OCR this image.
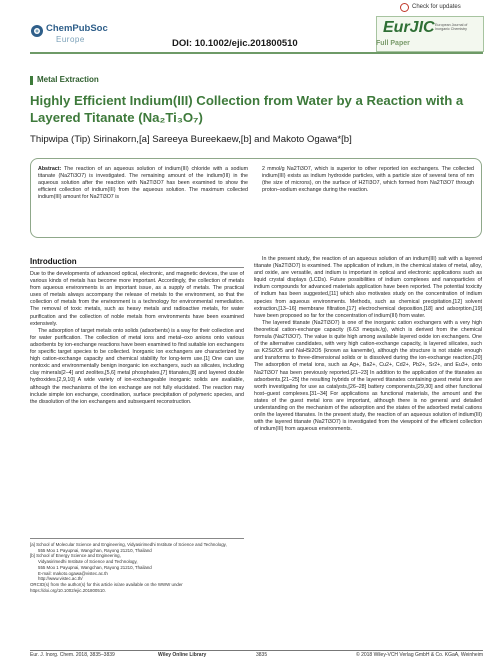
Check for updates
ChemPubSoc
Europe	DOI: 10.1002/ejic.201800510
EurJIC European Journal of Inorganic Chemistry
Full Paper
Metal Extraction
Highly Efficient Indium(III) Collection from Water by a Reaction with a Layered Titanate (Na₂Ti₃O₇)
Thipwipa (Tip) Sirinakorn,[a] Sareeya Bureekaew,[b] and Makoto Ogawa*[b]
Abstract: The reaction of an aqueous solution of indium(III) chloride with a sodium titanate (Na2Ti3O7) is investigated. The remaining amount of the indium(III) in the aqueous solution after the reaction with Na2Ti3O7 has been examined to show the efficient collection of indium(III) from the aqueous solution. The maximum collected indium(III) amount for Na2Ti3O7 is
2 mmol/g Na2Ti3O7, which is superior to other reported ion exchangers. The collected indium(III) exists as indium hydroxide particles, with a particle size of several tens of nm (the size of microns), on the surface of H2Ti3O7, which formed from Na2Ti3O7 through proton–sodium exchange during the reaction.
Introduction
Due to the developments of advanced optical, electronic, and magnetic devices, the use of various kinds of metals has become more important. Accordingly, the collection of metals from aqueous environments is an important issue, as a supply of metals. The practical uses of metals always accompany the release of metals to the environment, so that the collection of metals from the environment is a technology for environmental remediation. The removal of toxic metals, such as heavy metals and radioactive metals, for water purification and the collection of noble metals from environments have been examined extensively.
The adsorption of target metals onto solids (adsorbents) is a way for their collection and for water purification. The collection of metal ions and metal–oxo anions onto various adsorbents by ion-exchange reactions have been examined to find suitable ion exchangers for specific target species to be collected. Inorganic ion exchangers are characterized by high cation-exchange capacity and chemical stability for long-term use.[1] One can use nontoxic and environmentally benign inorganic ion exchangers, such as silicates, including clay minerals[2–4] and zeolites,[5,6] metal phosphates,[7] titanates,[8] and layered double hydroxides.[2,9,10] A wide variety of ion-exchangeable inorganic solids are available, although the mechanisms of the ion exchange are not fully elucidated. The reaction may include simple ion exchange, coordination, surface precipitation of polymeric species, and the dissolution of the ion exchangers and subsequent reconstruction.
[a] School of Molecular Science and Engineering, Vidyasirimedhi Institute of Science and Technology,
555 Moo 1 Payupnai, Wangchan, Rayong 21210, Thailand
[b] School of Energy Science and Engineering,
Vidyasirimedhi Institute of Science and Technology,
555 Moo 1 Payupnai, Wangchan, Rayong 21210, Thailand
E-mail: makoto.ogawa@vistec.ac.th
http://www.vistec.ac.th/
ORCID(s) from the author(s) for this article is/are available on the WWW under https://doi.org/10.1002/ejic.201800510.
In the present study, the reaction of an aqueous solution of an indium(III) salt with a layered titanate (Na2Ti3O7) is examined. The application of indium, in the chemical states of metal, alloy, and oxide, are versatile, and indium is important in optical and electronic applications such as liquid crystal displays (LCDs). Future possibilities of indium complexes and nanoparticles of indium compounds for advanced materials application have been reported. The potential toxicity of indium has been suggested,[11] which also motivates study on the concentration of indium species from aqueous environments. Methods, such as chemical precipitation,[12] solvent extraction,[13–16] membrane filtration,[17] electrochemical deposition,[18] and adsorption,[19] have been proposed so far for the concentration of indium(III) from water.
The layered titanate (Na2Ti3O7) is one of the inorganic cation exchangers with a very high theoretical cation-exchange capacity (6.63 mequiv./g), which is derived from the chemical formula (Na2Ti3O7). The value is quite high among available layered oxide ion exchangers. One of the alternative candidates, with very high cation-exchange capacity, is layered silicates, such as K2Si2O5 and NaHSi2O5 (known as kanemite), although the structure is not stable enough and transforms to three-dimensional solids or is dissolved during the ion-exchange reaction.[20] The adsorption of metal ions, such as Ag+, Ba2+, Cu2+, Cd2+, Pb2+, Sr2+, and Eu3+, onto Na2Ti3O7 has been previously reported.[21–23] In addition to the application of the titanates as adsorbents,[21–25] the resulting hybrids of the layered titanates containing guest metal ions are worth investigating for use as catalysts,[26–28] battery components,[29,30] and other functional host–guest complexes.[31–34] For applications as functional materials, the amount and the states of the guest metal ions are important, although there is no general and detailed understanding on the mechanism of the adsorption and the states of the adsorbed metal cations on/in the layered titanates. In the present study, the reaction of an aqueous solution of indium(III) with the layered titanate (Na2Ti3O7) is investigated from the viewpoint of the efficient collection of indium(III) from aqueous environments.
Eur. J. Inorg. Chem. 2018, 3835–3839	Wiley Online Library	3835	© 2018 Wiley-VCH Verlag GmbH & Co. KGaA, Weinheim
